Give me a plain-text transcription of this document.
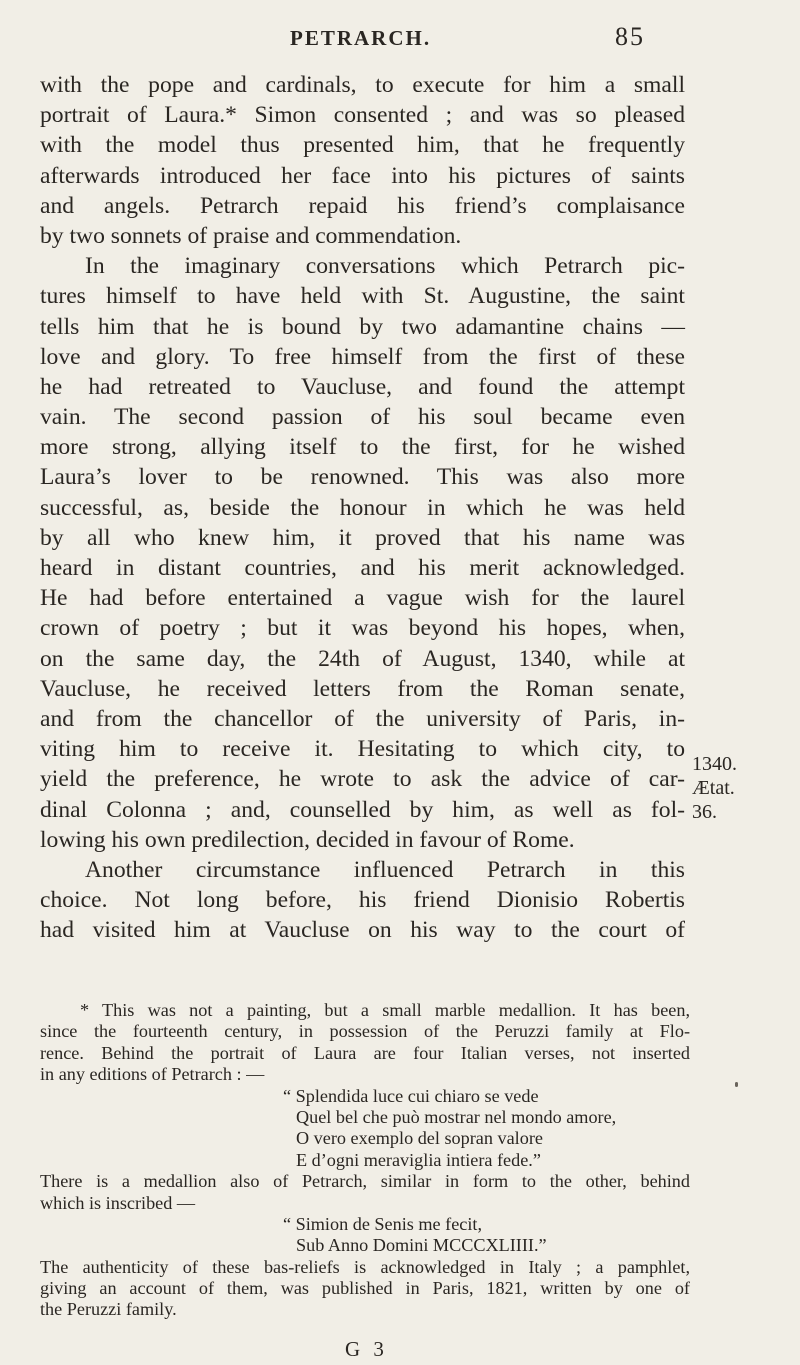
PETRARCH.	85
with the pope and cardinals, to execute for him a small
portrait of Laura.* Simon consented ; and was so pleased
with the model thus presented him, that he frequently
afterwards introduced her face into his pictures of saints
and angels. Petrarch repaid his friend’s complaisance
by two sonnets of praise and commendation.
In the imaginary conversations which Petrarch pic-
tures himself to have held with St. Augustine, the saint
tells him that he is bound by two adamantine chains —
love and glory. To free himself from the first of these
he had retreated to Vaucluse, and found the attempt
vain. The second passion of his soul became even
more strong, allying itself to the first, for he wished
Laura’s lover to be renowned. This was also more
successful, as, beside the honour in which he was held
by all who knew him, it proved that his name was
heard in distant countries, and his merit acknowledged.
He had before entertained a vague wish for the laurel
crown of poetry ; but it was beyond his hopes, when,
on the same day, the 24th of August, 1340, while at
Vaucluse, he received letters from the Roman senate,
and from the chancellor of the university of Paris, in-
viting him to receive it. Hesitating to which city, to
yield the preference, he wrote to ask the advice of car-
dinal Colonna ; and, counselled by him, as well as fol-
lowing his own predilection, decided in favour of Rome.
Another circumstance influenced Petrarch in this
choice. Not long before, his friend Dionisio Robertis
had visited him at Vaucluse on his way to the court of
1340.
Ætat.
36.
* This was not a painting, but a small marble medallion. It has been,
since the fourteenth century, in possession of the Peruzzi family at Flo-
rence. Behind the portrait of Laura are four Italian verses, not inserted
in any editions of Petrarch : —
“ Splendida luce cui chiaro se vede
Quel bel che può mostrar nel mondo amore,
O vero exemplo del sopran valore
E d’ogni meraviglia intiera fede.”
There is a medallion also of Petrarch, similar in form to the other, behind
which is inscribed —
“ Simion de Senis me fecit,
Sub Anno Domini MCCCXLIIII.”
The authenticity of these bas-reliefs is acknowledged in Italy ; a pamphlet,
giving an account of them, was published in Paris, 1821, written by one of
the Peruzzi family.
G 3
